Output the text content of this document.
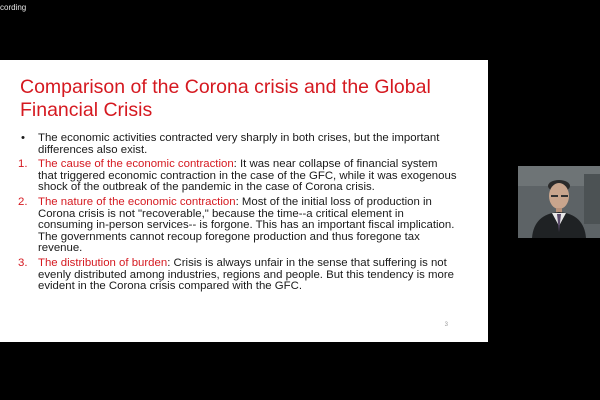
cording
Comparison of the Corona crisis and the Global Financial Crisis
• The economic activities contracted very sharply in both crises, but the important differences also exist.
1. The cause of the economic contraction: It was near collapse of financial system that triggered economic contraction in the case of the GFC, while it was exogenous shock of the outbreak of the pandemic in the case of Corona crisis.
2. The nature of the economic contraction: Most of the initial loss of production in Corona crisis is not "recoverable," because the time--a critical element in consuming in-person services-- is forgone. This has an important fiscal implication. The governments cannot recoup foregone production and thus foregone tax revenue.
3. The distribution of burden: Crisis is always unfair in the sense that suffering is not evenly distributed among industries, regions and people. But this tendency is more evident in the Corona crisis compared with the GFC.
3
